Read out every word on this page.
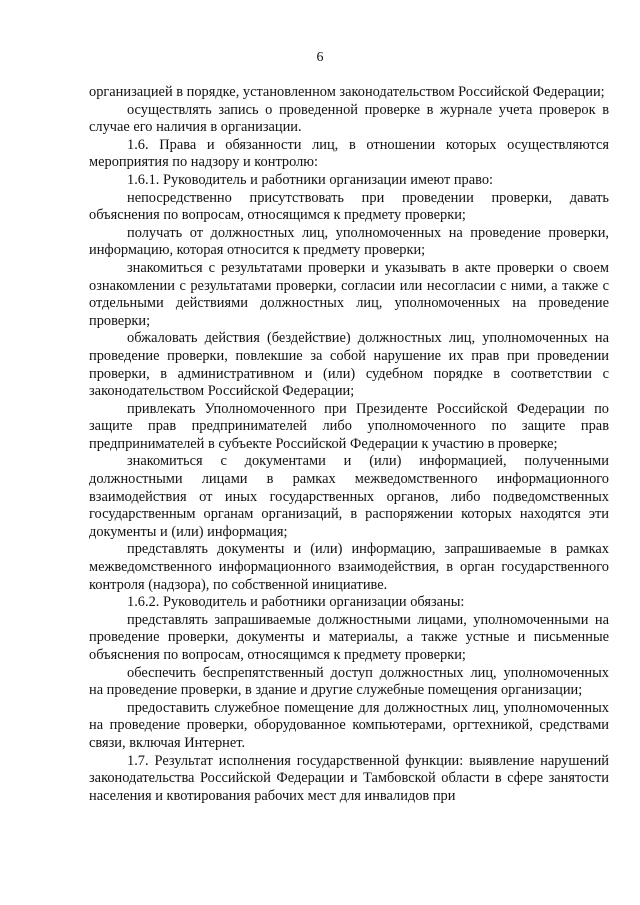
6

организацией в порядке, установленном законодательством Российской Федерации;

осуществлять запись о проведенной проверке в журнале учета проверок в случае его наличия в организации.

1.6. Права и обязанности лиц, в отношении которых осуществляются мероприятия по надзору и контролю:

1.6.1. Руководитель и работники организации имеют право:

непосредственно присутствовать при проведении проверки, давать объяснения по вопросам, относящимся к предмету проверки;

получать от должностных лиц, уполномоченных на проведение проверки, информацию, которая относится к предмету проверки;

знакомиться с результатами проверки и указывать в акте проверки о своем ознакомлении с результатами проверки, согласии или несогласии с ними, а также с отдельными действиями должностных лиц, уполномоченных на проведение проверки;

обжаловать действия (бездействие) должностных лиц, уполномоченных на проведение проверки, повлекшие за собой нарушение их прав при проведении проверки, в административном и (или) судебном порядке в соответствии с законодательством Российской Федерации;

привлекать Уполномоченного при Президенте Российской Федерации по защите прав предпринимателей либо уполномоченного по защите прав предпринимателей в субъекте Российской Федерации к участию в проверке;

знакомиться с документами и (или) информацией, полученными должностными лицами в рамках межведомственного информационного взаимодействия от иных государственных органов, либо подведомственных государственным органам организаций, в распоряжении которых находятся эти документы и (или) информация;

представлять документы и (или) информацию, запрашиваемые в рамках межведомственного информационного взаимодействия, в орган государственного контроля (надзора), по собственной инициативе.

1.6.2. Руководитель и работники организации обязаны:

представлять запрашиваемые должностными лицами, уполномоченными на проведение проверки, документы и материалы, а также устные и письменные объяснения по вопросам, относящимся к предмету проверки;

обеспечить беспрепятственный доступ должностных лиц, уполномоченных на проведение проверки, в здание и другие служебные помещения организации;

предоставить служебное помещение для должностных лиц, уполномоченных на проведение проверки, оборудованное компьютерами, оргтехникой, средствами связи, включая Интернет.

1.7. Результат исполнения государственной функции: выявление нарушений законодательства Российской Федерации и Тамбовской области в сфере занятости населения и квотирования рабочих мест для инвалидов при
